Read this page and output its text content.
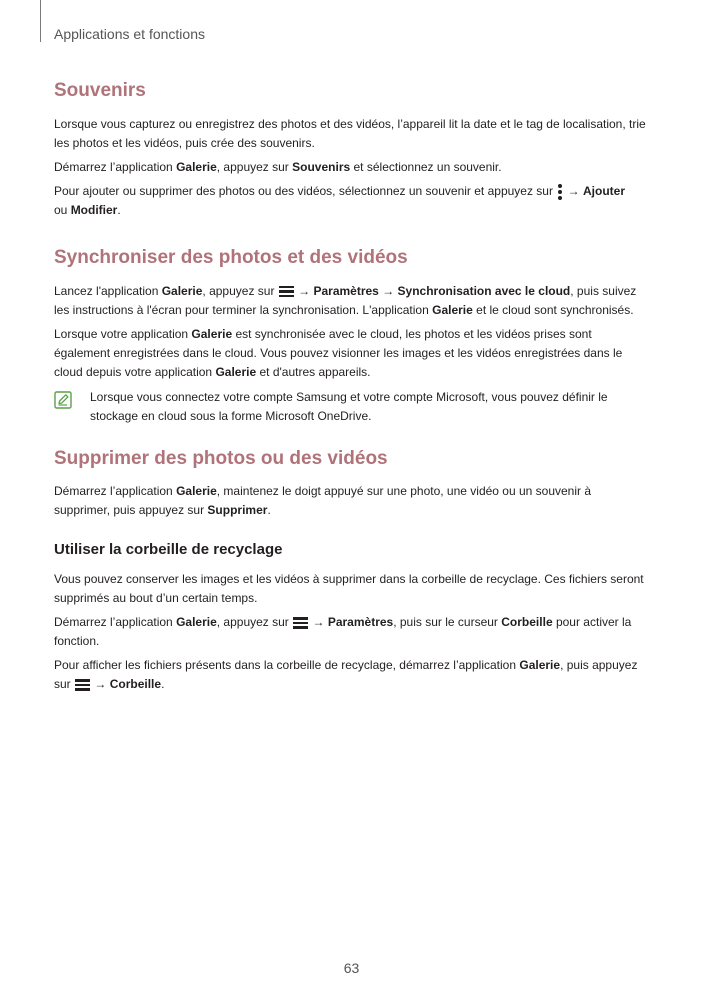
Applications et fonctions
Souvenirs

Lorsque vous capturez ou enregistrez des photos et des vidéos, l’appareil lit la date et le tag de localisation, trie les photos et les vidéos, puis crée des souvenirs.

Démarrez l’application Galerie, appuyez sur Souvenirs et sélectionnez un souvenir.

Pour ajouter ou supprimer des photos ou des vidéos, sélectionnez un souvenir et appuyez sur
→ Ajouter
ou Modifier.

Synchroniser des photos et des vidéos

Lancez l'application Galerie, appuyez sur
→ Paramètres → Synchronisation avec le cloud, puis suivez les instructions à l'écran pour terminer la synchronisation. L'application Galerie et le cloud sont synchronisés.

Lorsque votre application Galerie est synchronisée avec le cloud, les photos et les vidéos prises sont également enregistrées dans le cloud. Vous pouvez visionner les images et les vidéos enregistrées dans le cloud depuis votre application Galerie et d'autres appareils.

Lorsque vous connectez votre compte Samsung et votre compte Microsoft, vous pouvez définir le stockage en cloud sous la forme Microsoft OneDrive.

Supprimer des photos ou des vidéos

Démarrez l’application Galerie, maintenez le doigt appuyé sur une photo, une vidéo ou un souvenir à supprimer, puis appuyez sur Supprimer.

Utiliser la corbeille de recyclage

Vous pouvez conserver les images et les vidéos à supprimer dans la corbeille de recyclage. Ces fichiers seront supprimés au bout d’un certain temps.

Démarrez l’application Galerie, appuyez sur
→ Paramètres, puis sur le curseur Corbeille pour activer la fonction.

Pour afficher les fichiers présents dans la corbeille de recyclage, démarrez l’application Galerie, puis appuyez sur
→ Corbeille.

63
